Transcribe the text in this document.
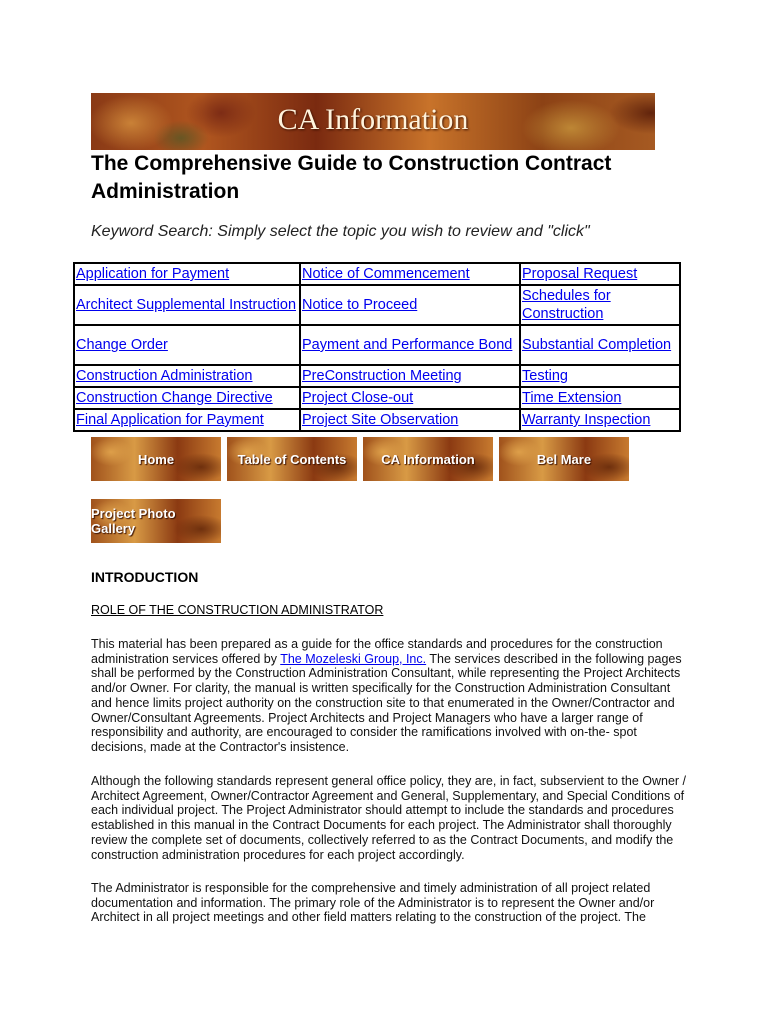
CA Information
The Comprehensive Guide to Construction Contract Administration
Keyword Search: Simply select the topic you wish to review and "click"
Application for Payment	Notice of Commencement	Proposal Request
Architect Supplemental Instruction	Notice to Proceed	Schedules for Construction
Change Order	Payment and Performance Bond	Substantial Completion
Construction Administration	PreConstruction Meeting	Testing
Construction Change Directive	Project Close-out	Time Extension
Final Application for Payment	Project Site Observation	Warranty Inspection
Home	Table of Contents	CA Information	Bel Mare
Project Photo Gallery
INTRODUCTION
ROLE OF THE CONSTRUCTION ADMINISTRATOR
This material has been prepared as a guide for the office standards and procedures for the construction administration services offered by The Mozeleski Group, Inc. The services described in the following pages shall be performed by the Construction Administration Consultant, while representing the Project Architects and/or Owner. For clarity, the manual is written specifically for the Construction Administration Consultant and hence limits project authority on the construction site to that enumerated in the Owner/Contractor and Owner/Consultant Agreements. Project Architects and Project Managers who have a larger range of responsibility and authority, are encouraged to consider the ramifications involved with on-the- spot decisions, made at the Contractor's insistence.
Although the following standards represent general office policy, they are, in fact, subservient to the Owner / Architect Agreement, Owner/Contractor Agreement and General, Supplementary, and Special Conditions of each individual project. The Project Administrator should attempt to include the standards and procedures established in this manual in the Contract Documents for each project. The Administrator shall thoroughly review the complete set of documents, collectively referred to as the Contract Documents, and modify the construction administration procedures for each project accordingly.
The Administrator is responsible for the comprehensive and timely administration of all project related documentation and information. The primary role of the Administrator is to represent the Owner and/or Architect in all project meetings and other field matters relating to the construction of the project. The
